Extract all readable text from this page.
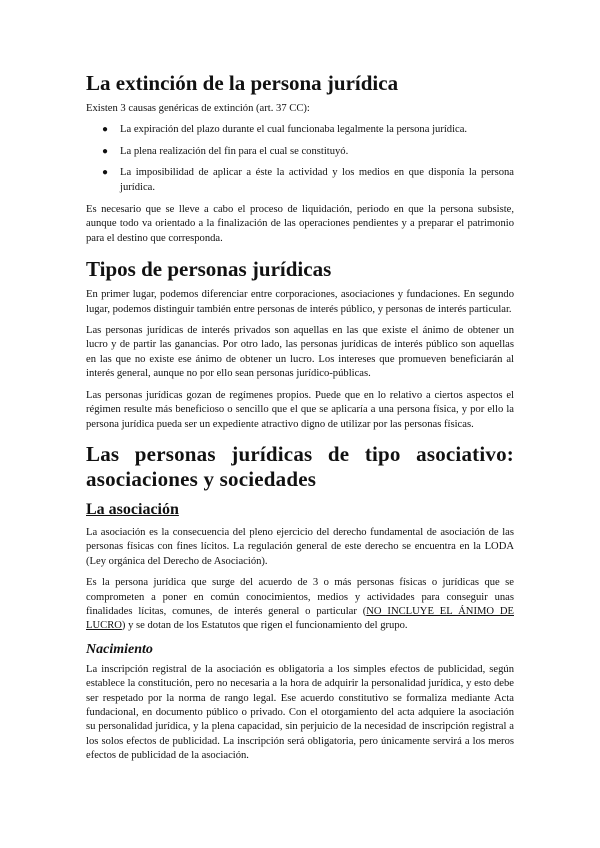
La extinción de la persona jurídica

Existen 3 causas genéricas de extinción (art. 37 CC):

● La expiración del plazo durante el cual funcionaba legalmente la persona jurídica.
● La plena realización del fin para el cual se constituyó.
● La imposibilidad de aplicar a éste la actividad y los medios en que disponía la persona jurídica.

Es necesario que se lleve a cabo el proceso de liquidación, periodo en que la persona subsiste, aunque todo va orientado a la finalización de las operaciones pendientes y a preparar el patrimonio para el destino que corresponda.

Tipos de personas jurídicas

En primer lugar, podemos diferenciar entre corporaciones, asociaciones y fundaciones. En segundo lugar, podemos distinguir también entre personas de interés público, y personas de interés particular.

Las personas jurídicas de interés privados son aquellas en las que existe el ánimo de obtener un lucro y de partir las ganancias. Por otro lado, las personas jurídicas de interés público son aquellas en las que no existe ese ánimo de obtener un lucro. Los intereses que promueven beneficiarán al interés general, aunque no por ello sean personas jurídico-públicas.

Las personas jurídicas gozan de regímenes propios. Puede que en lo relativo a ciertos aspectos el régimen resulte más beneficioso o sencillo que el que se aplicaría a una persona física, y por ello la persona jurídica pueda ser un expediente atractivo digno de utilizar por las personas físicas.

Las personas jurídicas de tipo asociativo: asociaciones y sociedades
La asociación

La asociación es la consecuencia del pleno ejercicio del derecho fundamental de asociación de las personas físicas con fines lícitos. La regulación general de este derecho se encuentra en la LODA (Ley orgánica del Derecho de Asociación).

Es la persona jurídica que surge del acuerdo de 3 o más personas físicas o jurídicas que se comprometen a poner en común conocimientos, medios y actividades para conseguir unas finalidades lícitas, comunes, de interés general o particular (NO INCLUYE EL ÁNIMO DE LUCRO) y se dotan de los Estatutos que rigen el funcionamiento del grupo.

Nacimiento

La inscripción registral de la asociación es obligatoria a los simples efectos de publicidad, según establece la constitución, pero no necesaria a la hora de adquirir la personalidad jurídica, y esto debe ser respetado por la norma de rango legal. Ese acuerdo constitutivo se formaliza mediante Acta fundacional, en documento público o privado. Con el otorgamiento del acta adquiere la asociación su personalidad jurídica, y la plena capacidad, sin perjuicio de la necesidad de inscripción registral a los solos efectos de publicidad. La inscripción será obligatoria, pero únicamente servirá a los meros efectos de publicidad de la asociación.
